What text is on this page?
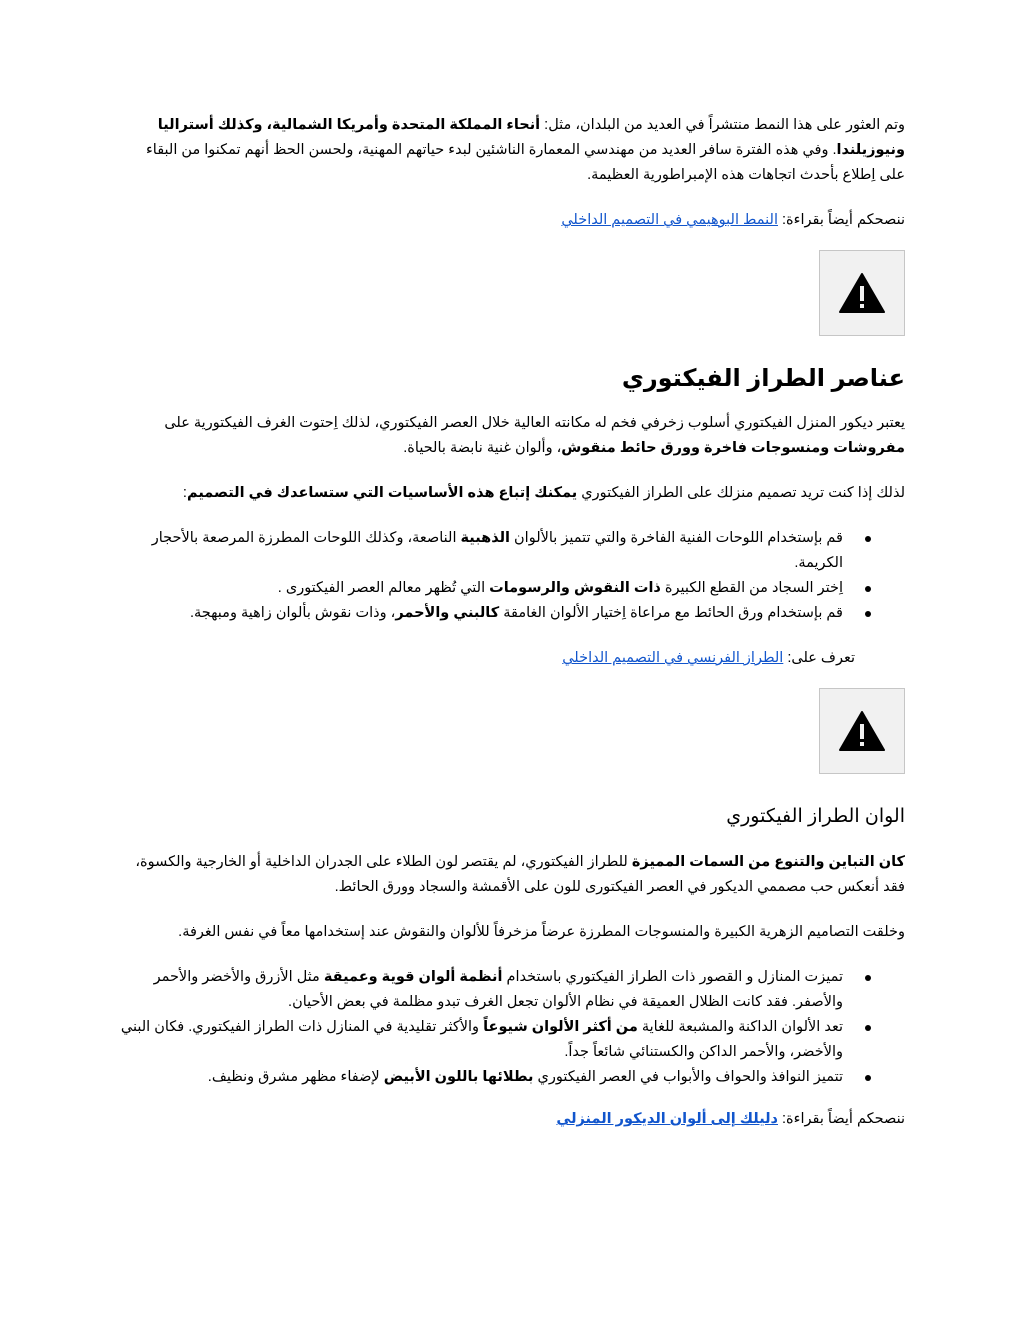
وتم العثور على هذا النمط منتشراً في العديد من البلدان، مثل: أنحاء المملكة المتحدة وأمريكا الشمالية، وكذلك أستراليا ونيوزيلندا. وفي هذه الفترة سافر العديد من مهندسي المعمارة الناشئين لبدء حياتهم المهنية، ولحسن الحظ أنهم تمكنوا من البقاء على اِطلاع بأحدث اتجاهات هذه الإمبراطورية العظيمة.

ننصحكم أيضاً بقراءة: النمط البوهيمي في التصميم الداخلي

عناصر الطراز الفيكتوري

يعتبر ديكور المنزل الفيكتوري أسلوب زخرفي فخم له مكانته العالية خلال العصر الفيكتوري، لذلك اِحتوت الغرف الفيكتورية على مفروشات ومنسوجات فاخرة وورق حائط منقوش، وألوان غنية نابضة بالحياة.

لذلك إذا كنت تريد تصميم منزلك على الطراز الفيكتوري يمكنك إتباع هذه الأساسيات التي ستساعدك في التصميم:

قم بإستخدام اللوحات الفنية الفاخرة والتي تتميز بالألوان الذهبية الناصعة، وكذلك اللوحات المطرزة المرصعة بالأحجار الكريمة.
اِختر السجاد من القطع الكبيرة ذات النقوش والرسومات التي تُظهر معالم العصر الفيكتورى .
قم بإستخدام ورق الحائط مع مراعاة اِختيار الألوان الغامقة كالبني والأحمر، وذات نقوش بألوان زاهية ومبهجة.

تعرف على: الطراز الفرنسي في التصميم الداخلي

الوان الطراز الفيكتوري

كان التباين والتنوع من السمات المميزة للطراز الفيكتوري، لم يقتصر لون الطلاء على الجدران الداخلية أو الخارجية والكسوة، فقد أنعكس حب مصممي الديكور في العصر الفيكتورى للون على الأقمشة والسجاد وورق الحائط.

وخلقت التصاميم الزهرية الكبيرة والمنسوجات المطرزة عرضاً مزخرفاً للألوان والنقوش عند إستخدامها معاً في نفس الغرفة.

تميزت المنازل و القصور ذات الطراز الفيكتوري باستخدام أنظمة ألوان قوية وعميقة مثل الأزرق والأخضر والأحمر والأصفر. فقد كانت الظلال العميقة في نظام الألوان تجعل الغرف تبدو مظلمة في بعض الأحيان.
تعد الألوان الداكنة والمشبعة للغاية من أكثر الألوان شيوعاً والأكثر تقليدية في المنازل ذات الطراز الفيكتوري. فكان البني والأخضر، والأحمر الداكن والكستنائي شائعاً جداً.
تتميز النوافذ والحواف والأبواب في العصر الفيكتوري بطلائها باللون الأبيض لإضفاء مظهر مشرق ونظيف.

ننصحكم أيضاً بقراءة: دليلك إلى ألوان الديكور المنزلي
